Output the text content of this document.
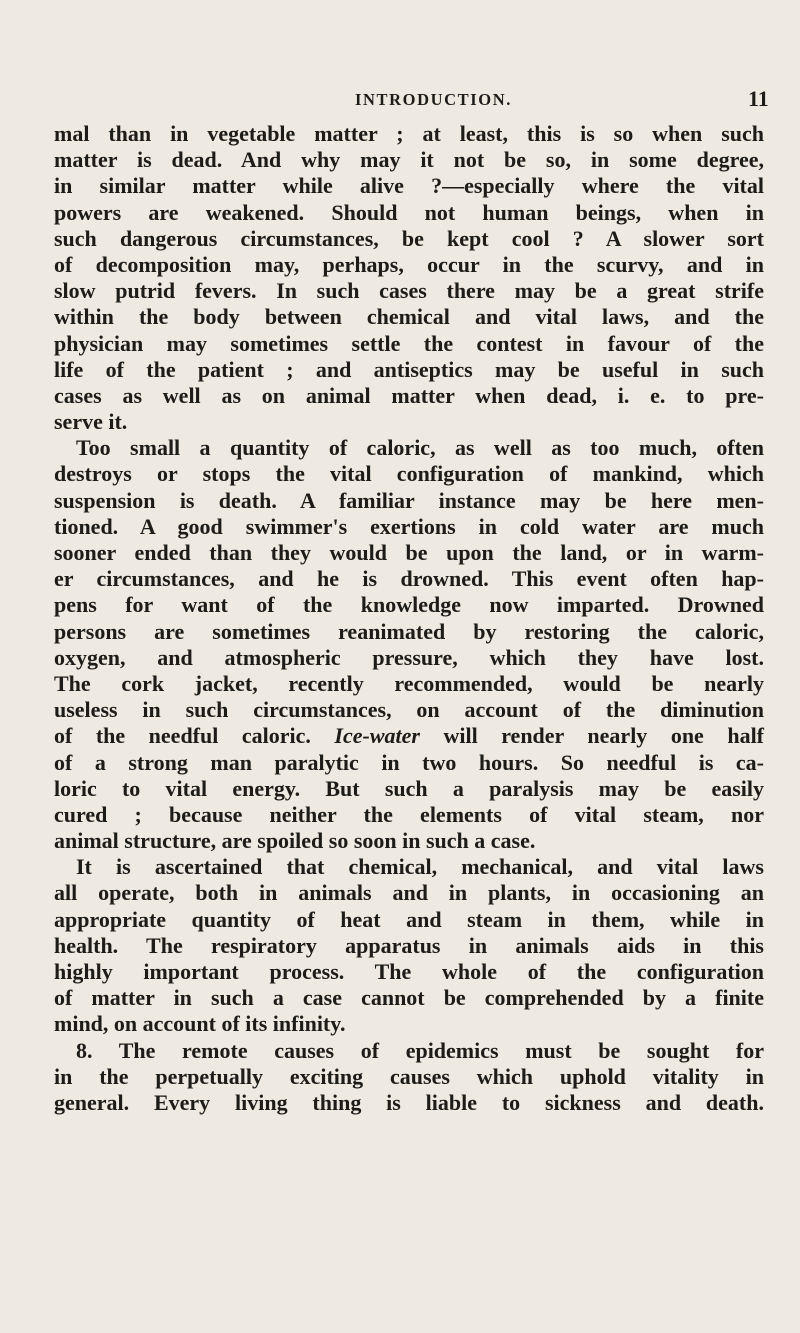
INTRODUCTION.	11
mal than in vegetable matter ; at least, this is so when such
matter is dead. And why may it not be so, in some degree,
in similar matter while alive ?—especially where the vital
powers are weakened. Should not human beings, when in
such dangerous circumstances, be kept cool ? A slower sort
of decomposition may, perhaps, occur in the scurvy, and in
slow putrid fevers. In such cases there may be a great strife
within the body between chemical and vital laws, and the
physician may sometimes settle the contest in favour of the
life of the patient ; and antiseptics may be useful in such
cases as well as on animal matter when dead, i. e. to pre-
serve it.
Too small a quantity of caloric, as well as too much, often
destroys or stops the vital configuration of mankind, which
suspension is death. A familiar instance may be here men-
tioned. A good swimmer's exertions in cold water are much
sooner ended than they would be upon the land, or in warm-
er circumstances, and he is drowned. This event often hap-
pens for want of the knowledge now imparted. Drowned
persons are sometimes reanimated by restoring the caloric,
oxygen, and atmospheric pressure, which they have lost.
The cork jacket, recently recommended, would be nearly
useless in such circumstances, on account of the diminution
of the needful caloric. Ice-water will render nearly one half
of a strong man paralytic in two hours. So needful is ca-
loric to vital energy. But such a paralysis may be easily
cured ; because neither the elements of vital steam, nor
animal structure, are spoiled so soon in such a case.
It is ascertained that chemical, mechanical, and vital laws
all operate, both in animals and in plants, in occasioning an
appropriate quantity of heat and steam in them, while in
health. The respiratory apparatus in animals aids in this
highly important process. The whole of the configuration
of matter in such a case cannot be comprehended by a finite
mind, on account of its infinity.
8. The remote causes of epidemics must be sought for
in the perpetually exciting causes which uphold vitality in
general. Every living thing is liable to sickness and death.
